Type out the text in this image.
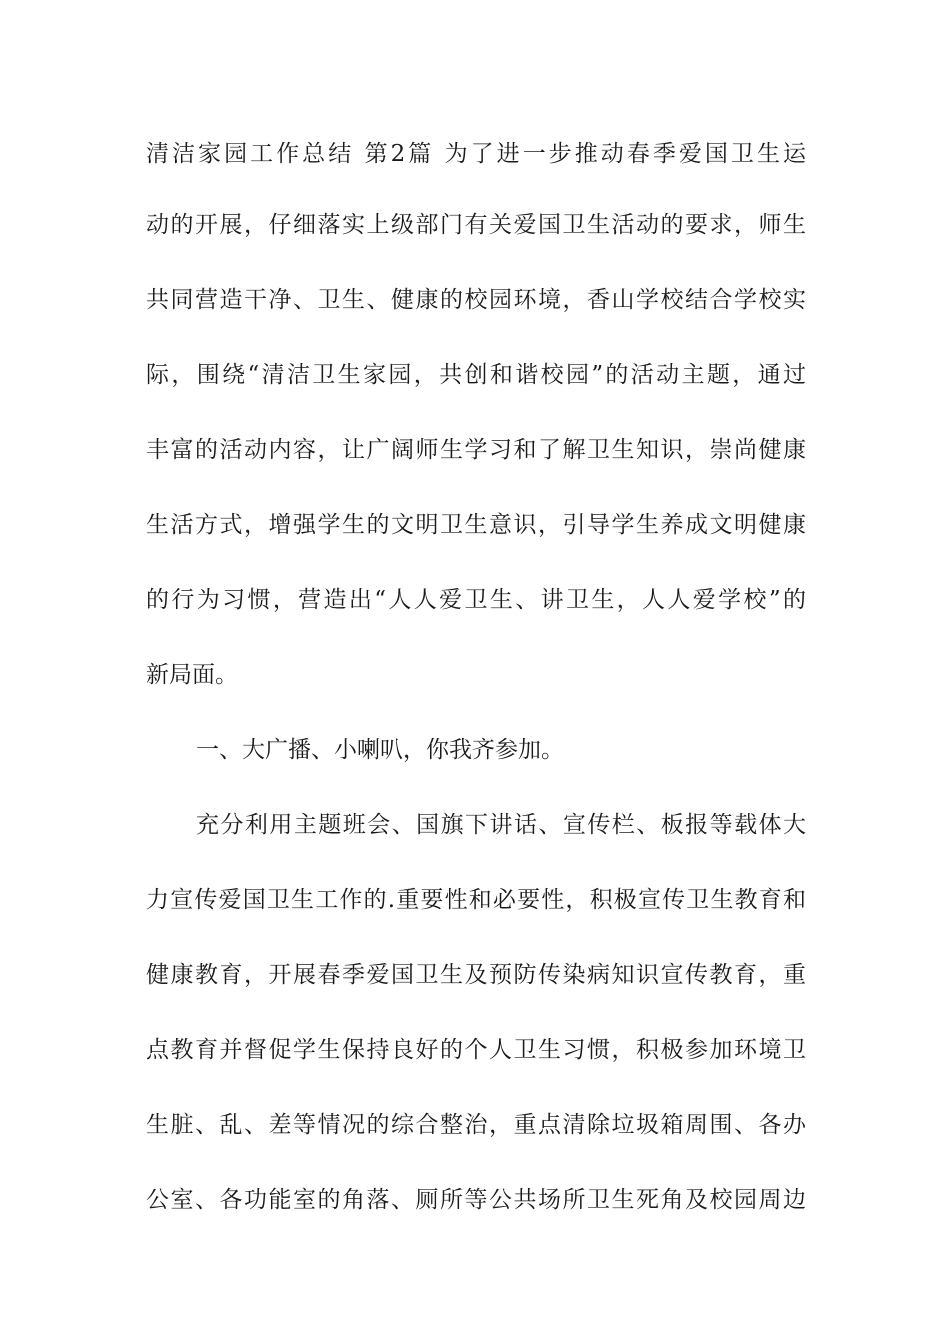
清洁家园工作总结 第2篇 为了进一步推动春季爱国卫生运
动的开展，仔细落实上级部门有关爱国卫生活动的要求，师生
共同营造干净、卫生、健康的校园环境，香山学校结合学校实
际，围绕“清洁卫生家园，共创和谐校园”的活动主题，通过
丰富的活动内容，让广阔师生学习和了解卫生知识，崇尚健康
生活方式，增强学生的文明卫生意识，引导学生养成文明健康
的行为习惯，营造出“人人爱卫生、讲卫生，人人爱学校”的
新局面。
一、大广播、小喇叭，你我齐参加。
充分利用主题班会、国旗下讲话、宣传栏、板报等载体大
力宣传爱国卫生工作的.重要性和必要性，积极宣传卫生教育和
健康教育，开展春季爱国卫生及预防传染病知识宣传教育，重
点教育并督促学生保持良好的个人卫生习惯，积极参加环境卫
生脏、乱、差等情况的综合整治，重点清除垃圾箱周围、各办
公室、各功能室的角落、厕所等公共场所卫生死角及校园周边
